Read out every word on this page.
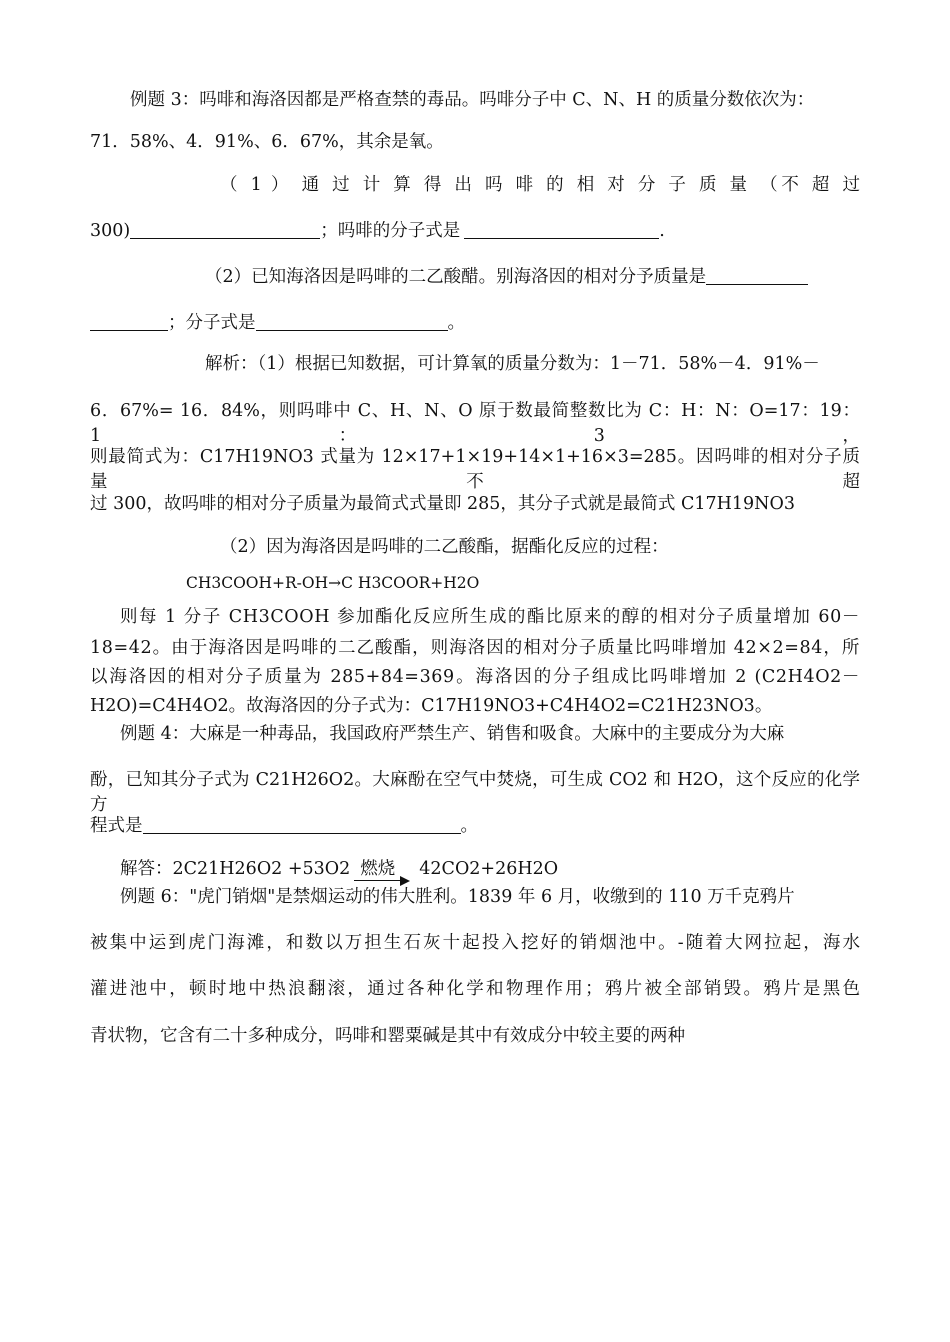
例题 3：吗啡和海洛因都是严格查禁的毒品。吗啡分子中 C、N、H 的质量分数依次为：
71．58%、4．91%、6．67%，其余是氧。
（ 1 ） 通 过 计 算 得 出 吗 啡 的 相 对 分 子 质 量 （不 超 过
300)	；吗啡的分子式是	.
（2）已知海洛因是吗啡的二乙酸醋。别海洛因的相对分予质量是
；分子式是	。
解析：（1）根据已知数据，可计算氧的质量分数为：1－71．58%－4．91%－
6．67%= 16．84%，则吗啡中 C、H、N、O 原于数最简整数比为 C：H：N：O=17：19：1：3，
则最简式为：C17H19NO3 式量为 12×17+1×19+14×1+16×3=285。因吗啡的相对分子质量不超
过 300，故吗啡的相对分子质量为最简式式量即 285，其分子式就是最简式 C17H19NO3
（2）因为海洛因是吗啡的二乙酸酯，据酯化反应的过程：
CH3COOH+R-OH→C H3COOR+H2O
则每 1 分子 CH3COOH 参加酯化反应所生成的酯比原来的醇的相对分子质量增加 60－
18=42。由于海洛因是吗啡的二乙酸酯，则海洛因的相对分子质量比吗啡增加 42×2=84，所
以海洛因的相对分子质量为 285+84=369。海洛因的分子组成比吗啡增加 2 (C2H4O2－
H2O)=C4H4O2。故海洛因的分子式为：C17H19NO3+C4H4O2=C21H23NO3。
例题 4：大麻是一种毒品，我国政府严禁生产、销售和吸食。大麻中的主要成分为大麻
酚，已知其分子式为 C21H26O2。大麻酚在空气中焚烧，可生成 CO2 和 H2O，这个反应的化学方
程式是	。
解答：2C21H26O2 +53O2 燃烧 42CO2+26H2O
例题 6："虎门销烟"是禁烟运动的伟大胜利。1839 年 6 月，收缴到的 110 万千克鸦片
被集中运到虎门海滩，和数以万担生石灰十起投入挖好的销烟池中。-随着大网拉起，海水
灌进池中，顿时地中热浪翻滚，通过各种化学和物理作用；鸦片被全部销毁。鸦片是黑色
青状物，它含有二十多种成分，吗啡和罂粟碱是其中有效成分中较主要的两种
